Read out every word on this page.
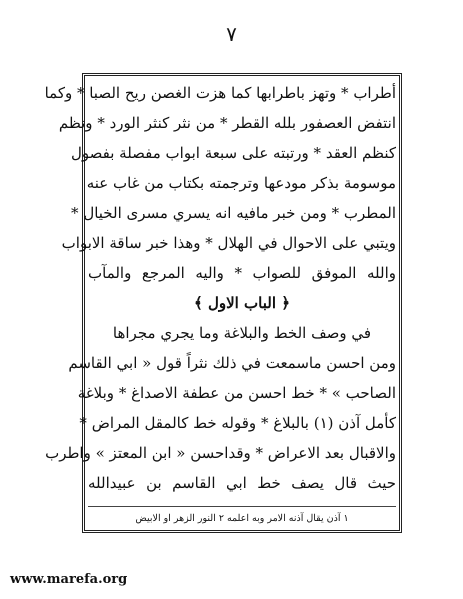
٧
أطراب * وتهز باطرابها كما هزت الغصن ريح الصبا * وكما
انتفض العصفور بلله القطر * من نثر كنثر الورد * ونظم
كنظم العقد * ورتبته على سبعة ابواب مفصلة بفصول
موسومة بذكر مودعها وترجمته بكتاب من غاب عنه
المطرب * ومن خبر مافيه انه يسري مسرى الخيال *
ويتبي على الاحوال في الهلال * وهذا خبر ساقة الابواب
والله الموفق للصواب * واليه المرجع والمآب
﴿ الباب الاول ﴾
في وصف الخط والبلاغة وما يجري مجراها
ومن احسن ماسمعت في ذلك نثراً قول « ابي القاسم
الصاحب » * خط احسن من عطفة الاصداغ * وبلاغة
كأمل آذن (١) بالبلاغ * وقوله خط كالمقل المراض *
والاقبال بعد الاعراض * وقداحسن « ابن المعتز » واطرب
حيث قال يصف خط ابي القاسم بن عبيدالله
١ آذن يقال آذنه الامر وبه اعلمه ٢ النور الزهر او الابيض
www.marefa.org
